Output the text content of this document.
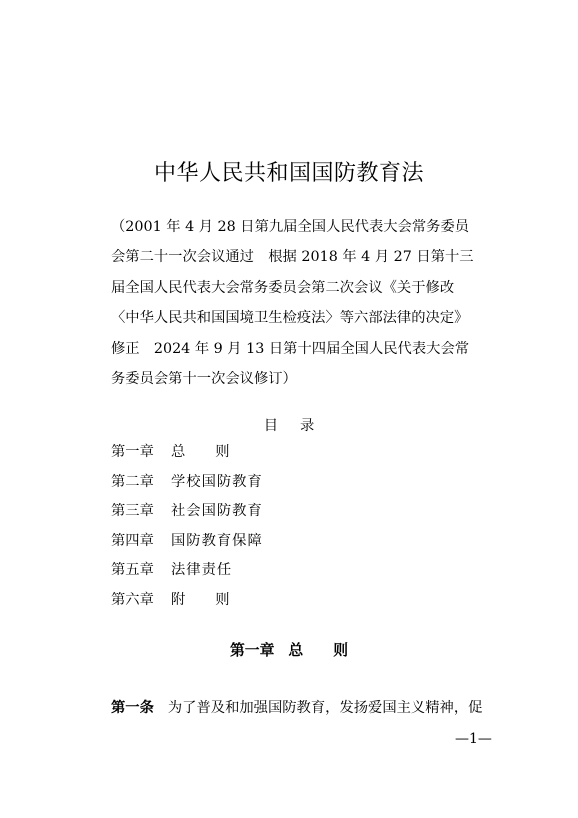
中华人民共和国国防教育法
（2001 年 4 月 28 日第九届全国人民代表大会常务委员
会第二十一次会议通过　根据 2018 年 4 月 27 日第十三
届全国人民代表大会常务委员会第二次会议《关于修改
〈中华人民共和国国境卫生检疫法〉等六部法律的决定》
修正　2024 年 9 月 13 日第十四届全国人民代表大会常
务委员会第十一次会议修订）
目录
第一章 总 则
第二章 学校国防教育
第三章 社会国防教育
第四章 国防教育保障
第五章 法律责任
第六章 附 则
第一章 总 则
第一条 为了普及和加强国防教育，发扬爱国主义精神，促
—1—
